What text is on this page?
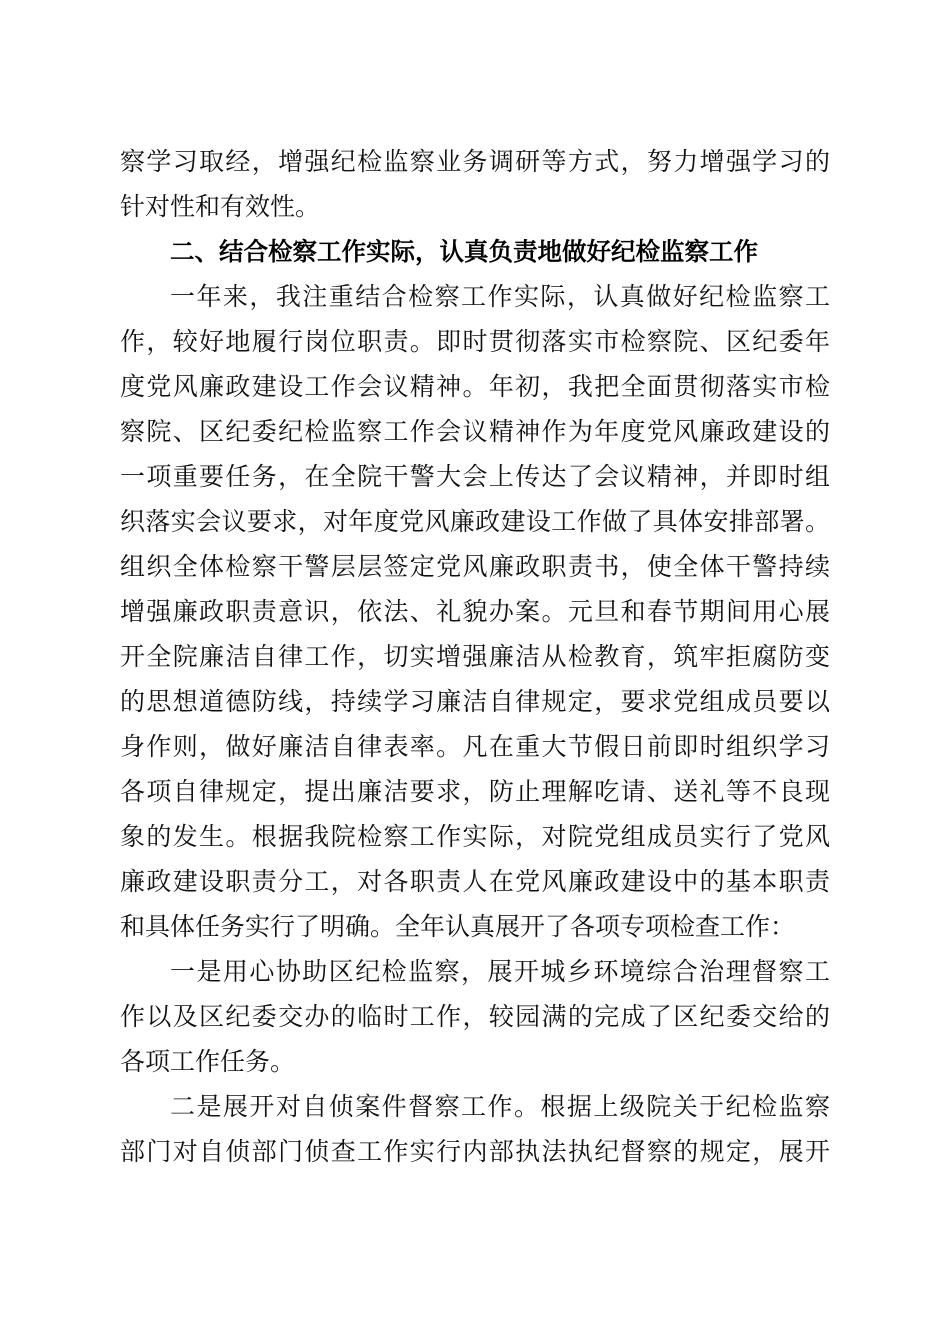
察学习取经，增强纪检监察业务调研等方式，努力增强学习的
针对性和有效性。
二、结合检察工作实际，认真负责地做好纪检监察工作
一年来，我注重结合检察工作实际，认真做好纪检监察工
作，较好地履行岗位职责。即时贯彻落实市检察院、区纪委年
度党风廉政建设工作会议精神。年初，我把全面贯彻落实市检
察院、区纪委纪检监察工作会议精神作为年度党风廉政建设的
一项重要任务，在全院干警大会上传达了会议精神，并即时组
织落实会议要求，对年度党风廉政建设工作做了具体安排部署。
组织全体检察干警层层签定党风廉政职责书，使全体干警持续
增强廉政职责意识，依法、礼貌办案。元旦和春节期间用心展
开全院廉洁自律工作，切实增强廉洁从检教育，筑牢拒腐防变
的思想道德防线，持续学习廉洁自律规定，要求党组成员要以
身作则，做好廉洁自律表率。凡在重大节假日前即时组织学习
各项自律规定，提出廉洁要求，防止理解吃请、送礼等不良现
象的发生。根据我院检察工作实际，对院党组成员实行了党风
廉政建设职责分工，对各职责人在党风廉政建设中的基本职责
和具体任务实行了明确。全年认真展开了各项专项检查工作：
一是用心协助区纪检监察，展开城乡环境综合治理督察工
作以及区纪委交办的临时工作，较园满的完成了区纪委交给的
各项工作任务。
二是展开对自侦案件督察工作。根据上级院关于纪检监察
部门对自侦部门侦查工作实行内部执法执纪督察的规定，展开
